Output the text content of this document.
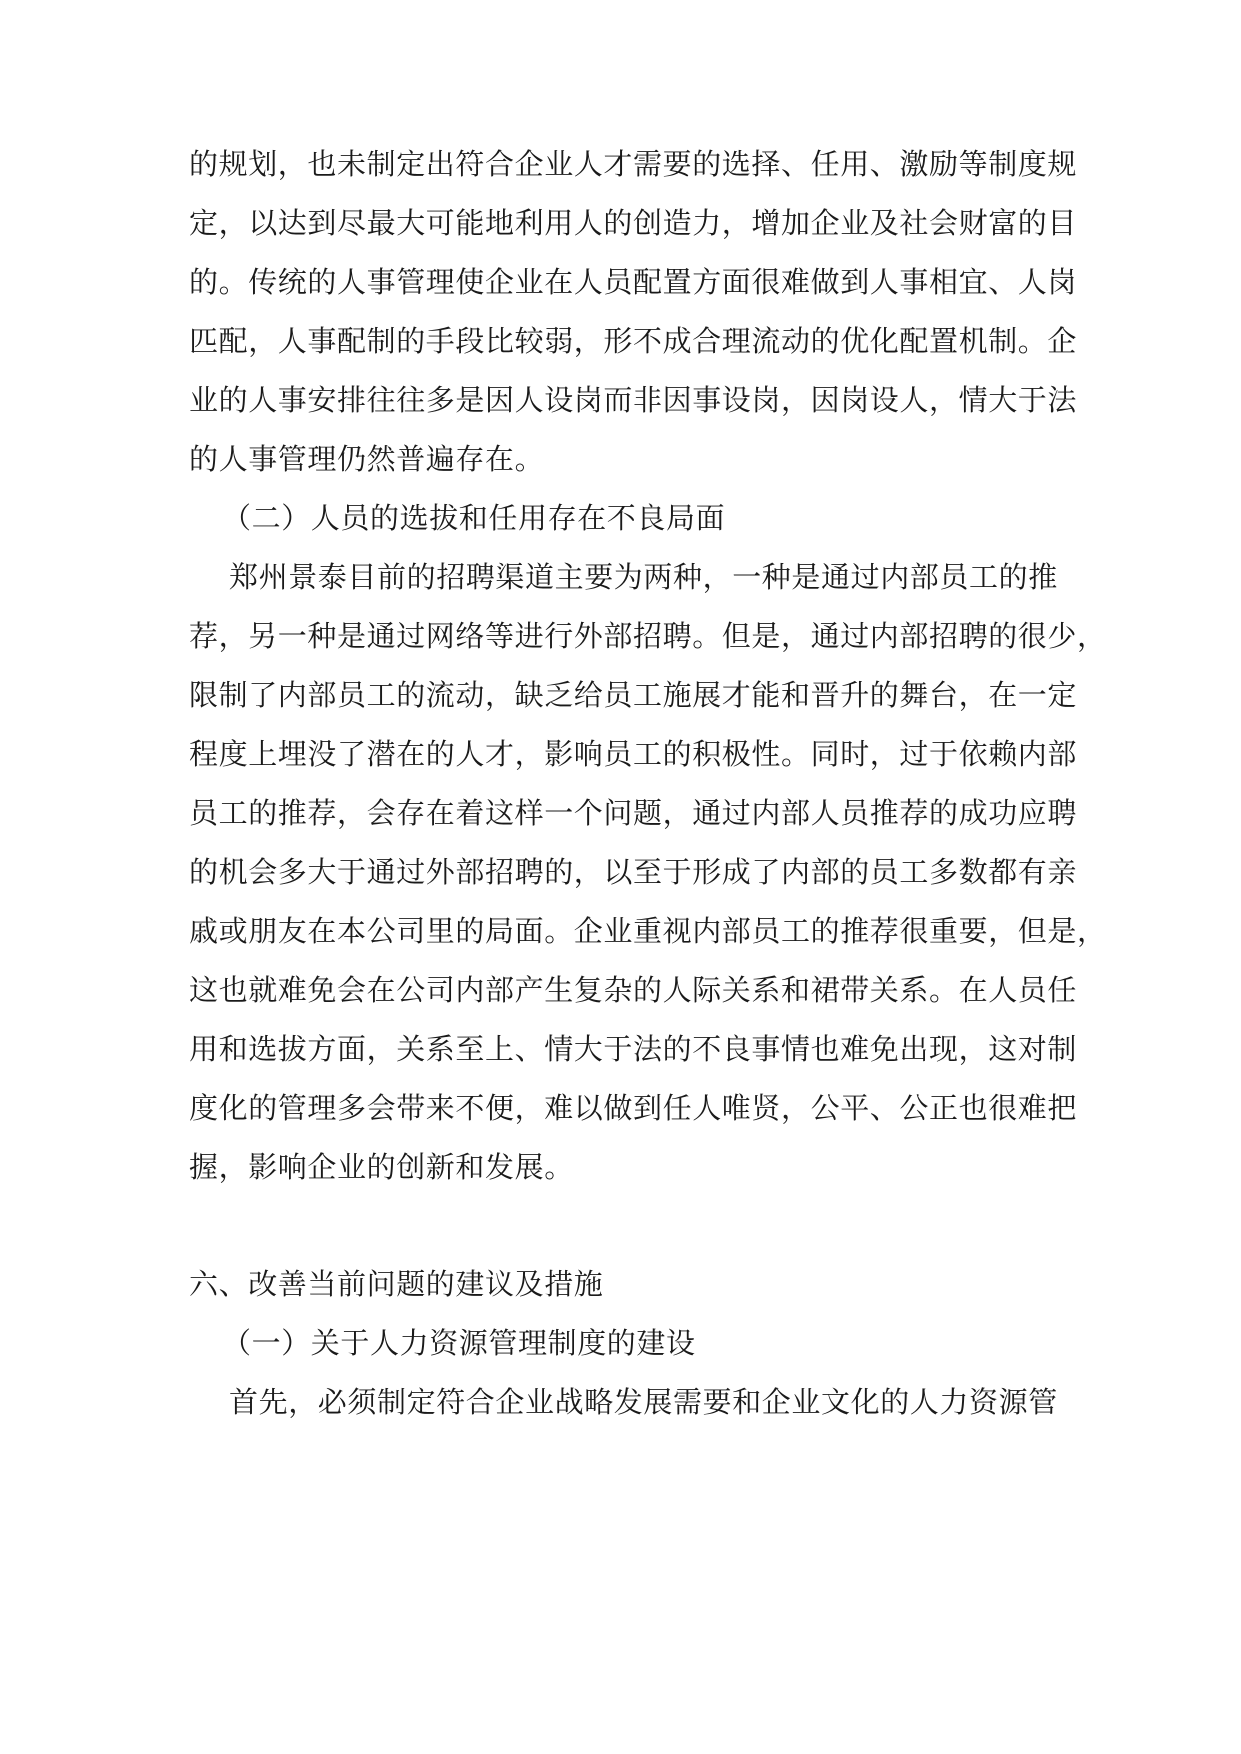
的规划，也未制定出符合企业人才需要的选择、任用、激励等制度规
定，以达到尽最大可能地利用人的创造力，增加企业及社会财富的目
的。传统的人事管理使企业在人员配置方面很难做到人事相宜、人岗
匹配，人事配制的手段比较弱，形不成合理流动的优化配置机制。企
业的人事安排往往多是因人设岗而非因事设岗，因岗设人，情大于法
的人事管理仍然普遍存在。
（二）人员的选拔和任用存在不良局面
郑州景泰目前的招聘渠道主要为两种，一种是通过内部员工的推
荐，另一种是通过网络等进行外部招聘。但是，通过内部招聘的很少，
限制了内部员工的流动，缺乏给员工施展才能和晋升的舞台，在一定
程度上埋没了潜在的人才，影响员工的积极性。同时，过于依赖内部
员工的推荐，会存在着这样一个问题，通过内部人员推荐的成功应聘
的机会多大于通过外部招聘的，以至于形成了内部的员工多数都有亲
戚或朋友在本公司里的局面。企业重视内部员工的推荐很重要，但是，
这也就难免会在公司内部产生复杂的人际关系和裙带关系。在人员任
用和选拔方面，关系至上、情大于法的不良事情也难免出现，这对制
度化的管理多会带来不便，难以做到任人唯贤，公平、公正也很难把
握，影响企业的创新和发展。
六、改善当前问题的建议及措施
（一）关于人力资源管理制度的建设
首先，必须制定符合企业战略发展需要和企业文化的人力资源管
